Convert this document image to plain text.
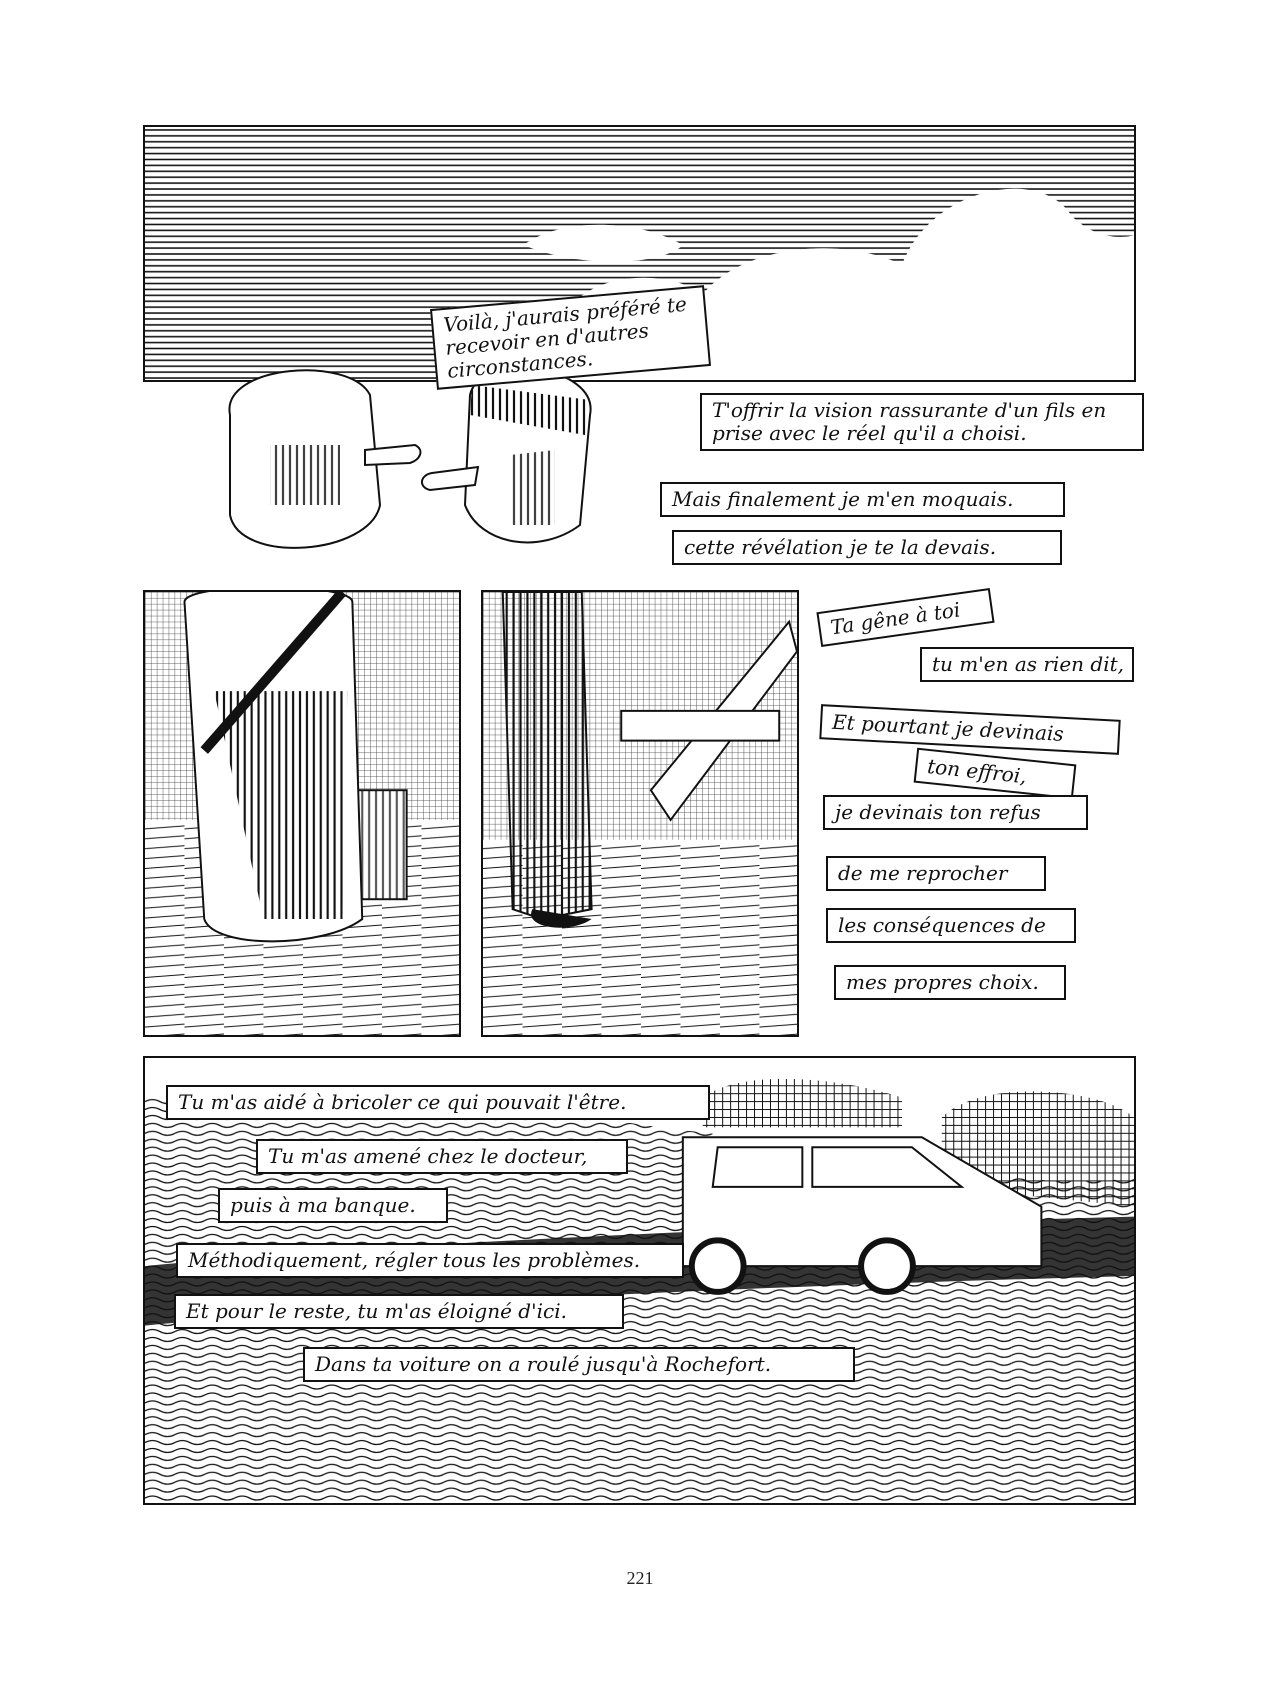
Voilà, j'aurais préféré te recevoir en d'autres circonstances.
T'offrir la vision rassurante d'un fils en prise avec le réel qu'il a choisi.
Mais finalement je m'en moquais.
cette révélation je te la devais.
Ta gêne à toi
tu m'en as rien dit,
Et pourtant je devinais
ton effroi,
je devinais ton refus
de me reprocher
les conséquences de
mes propres choix.
Tu m'as aidé à bricoler ce qui pouvait l'être.
Tu m'as amené chez le docteur,
puis à ma banque.
Méthodiquement, régler tous les problèmes.
Et pour le reste, tu m'as éloigné d'ici.
Dans ta voiture on a roulé jusqu'à Rochefort.
221
